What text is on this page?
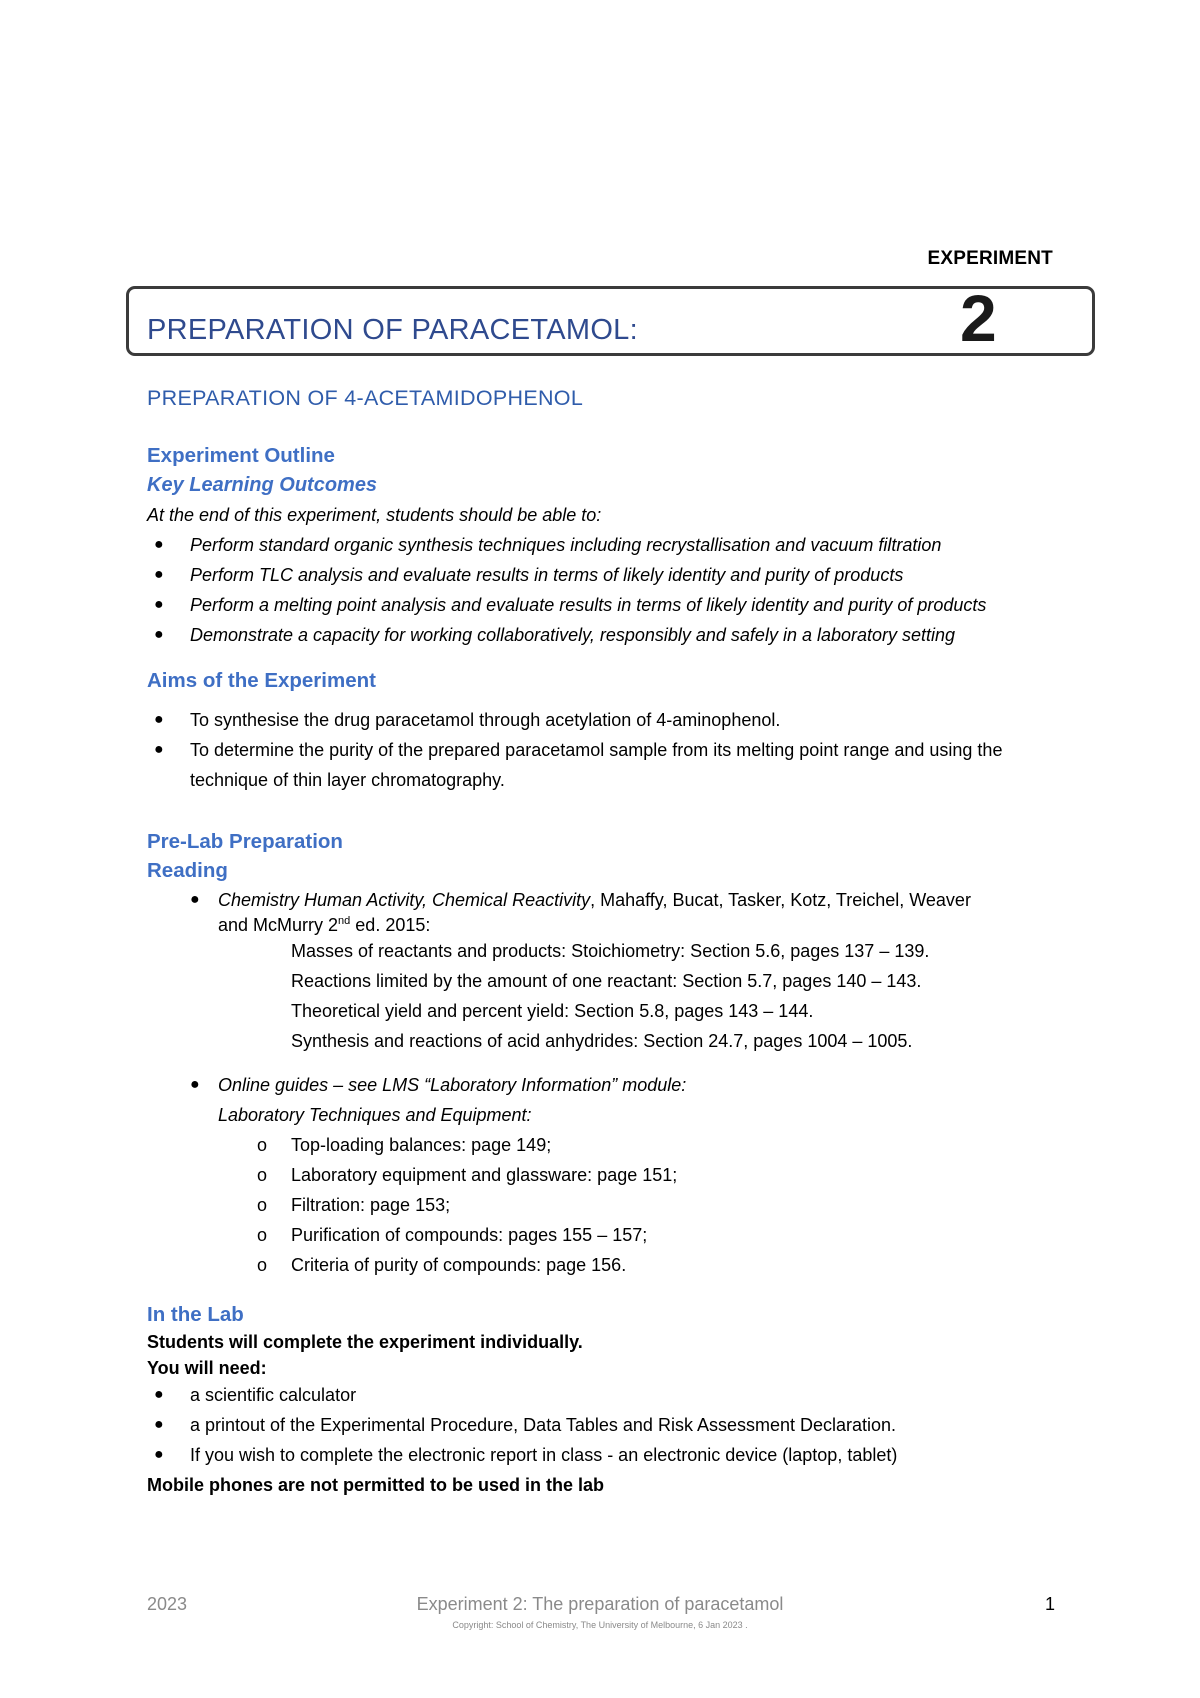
EXPERIMENT
PREPARATION OF PARACETAMOL:	2
PREPARATION OF 4-ACETAMIDOPHENOL
Experiment Outline
Key Learning Outcomes
At the end of this experiment, students should be able to:
● Perform standard organic synthesis techniques including recrystallisation and vacuum filtration
● Perform TLC analysis and evaluate results in terms of likely identity and purity of products
● Perform a melting point analysis and evaluate results in terms of likely identity and purity of products
● Demonstrate a capacity for working collaboratively, responsibly and safely in a laboratory setting
Aims of the Experiment
● To synthesise the drug paracetamol through acetylation of 4-aminophenol.
● To determine the purity of the prepared paracetamol sample from its melting point range and using the
technique of thin layer chromatography.
Pre-Lab Preparation
Reading
● Chemistry Human Activity, Chemical Reactivity, Mahaffy, Bucat, Tasker, Kotz, Treichel, Weaver
and McMurry 2nd ed. 2015:
Masses of reactants and products: Stoichiometry: Section 5.6, pages 137 – 139.
Reactions limited by the amount of one reactant: Section 5.7, pages 140 – 143.
Theoretical yield and percent yield: Section 5.8, pages 143 – 144.
Synthesis and reactions of acid anhydrides: Section 24.7, pages 1004 – 1005.
● Online guides – see LMS “Laboratory Information” module:
Laboratory Techniques and Equipment:
o Top-loading balances: page 149;
o Laboratory equipment and glassware: page 151;
o Filtration: page 153;
o Purification of compounds: pages 155 – 157;
o Criteria of purity of compounds: page 156.
In the Lab
Students will complete the experiment individually.
You will need:
● a scientific calculator
● a printout of the Experimental Procedure, Data Tables and Risk Assessment Declaration.
● If you wish to complete the electronic report in class - an electronic device (laptop, tablet)
Mobile phones are not permitted to be used in the lab
2023	Experiment 2: The preparation of paracetamol	1
Copyright: School of Chemistry, The University of Melbourne, 6 Jan 2023 .
